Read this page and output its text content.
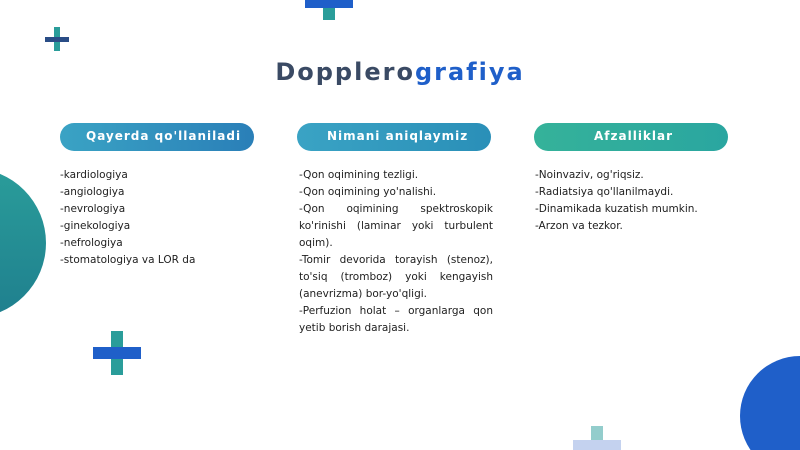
Dopplerografiya
Qayerda qo'llaniladi	Nimani aniqlaymiz	Afzalliklar
-kardiologiya
-angiologiya
-nevrologiya
-ginekologiya
-nefrologiya
-stomatologiya va LOR da
-Qon oqimining tezligi.
-Qon oqimining yo'nalishi.
-Qon oqimining spektroskopik ko'rinishi (laminar yoki turbulent oqim).
-Tomir devorida torayish (stenoz), to'siq (tromboz) yoki kengayish (anevrizma) bor-yo'qligi.
-Perfuzion holat – organlarga qon yetib borish darajasi.
-Noinvaziv, og'riqsiz.
-Radiatsiya qo'llanilmaydi.
-Dinamikada kuzatish mumkin.
-Arzon va tezkor.
